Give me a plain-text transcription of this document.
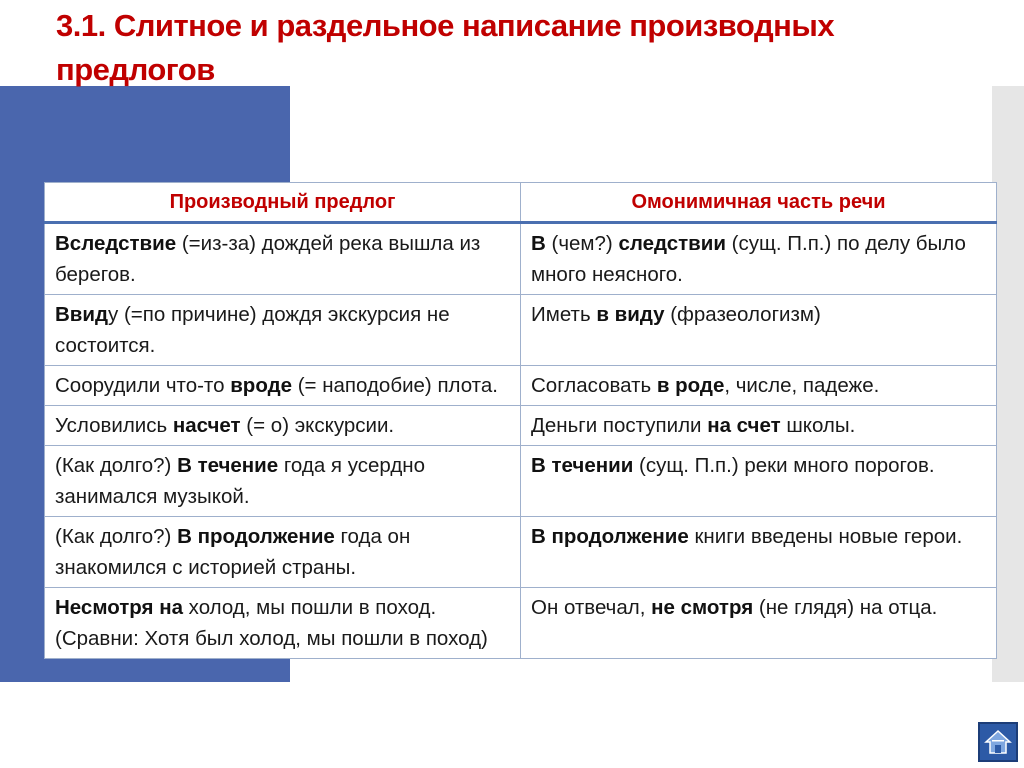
3.1. Слитное и раздельное написание производных предлогов
Производный предлог	Омонимичная часть речи
Вследствие (=из-за) дождей река вышла из берегов.	В (чем?) следствии (сущ. П.п.) по делу было много неясного.
Ввиду (=по причине) дождя экскурсия не состоится.	Иметь в виду (фразеологизм)
Соорудили что-то вроде (= наподобие) плота.	Согласовать в роде, числе, падеже.
Условились насчет (= о) экскурсии.	Деньги поступили на счет школы.
(Как долго?) В течение года я усердно занимался музыкой.	В течении (сущ. П.п.) реки много порогов.
(Как долго?) В продолжение года он знакомился с историей страны.	В продолжение книги введены новые герои.
Несмотря на холод, мы пошли в поход. (Сравни: Хотя был холод, мы пошли в поход)	Он отвечал, не смотря (не глядя) на отца.
